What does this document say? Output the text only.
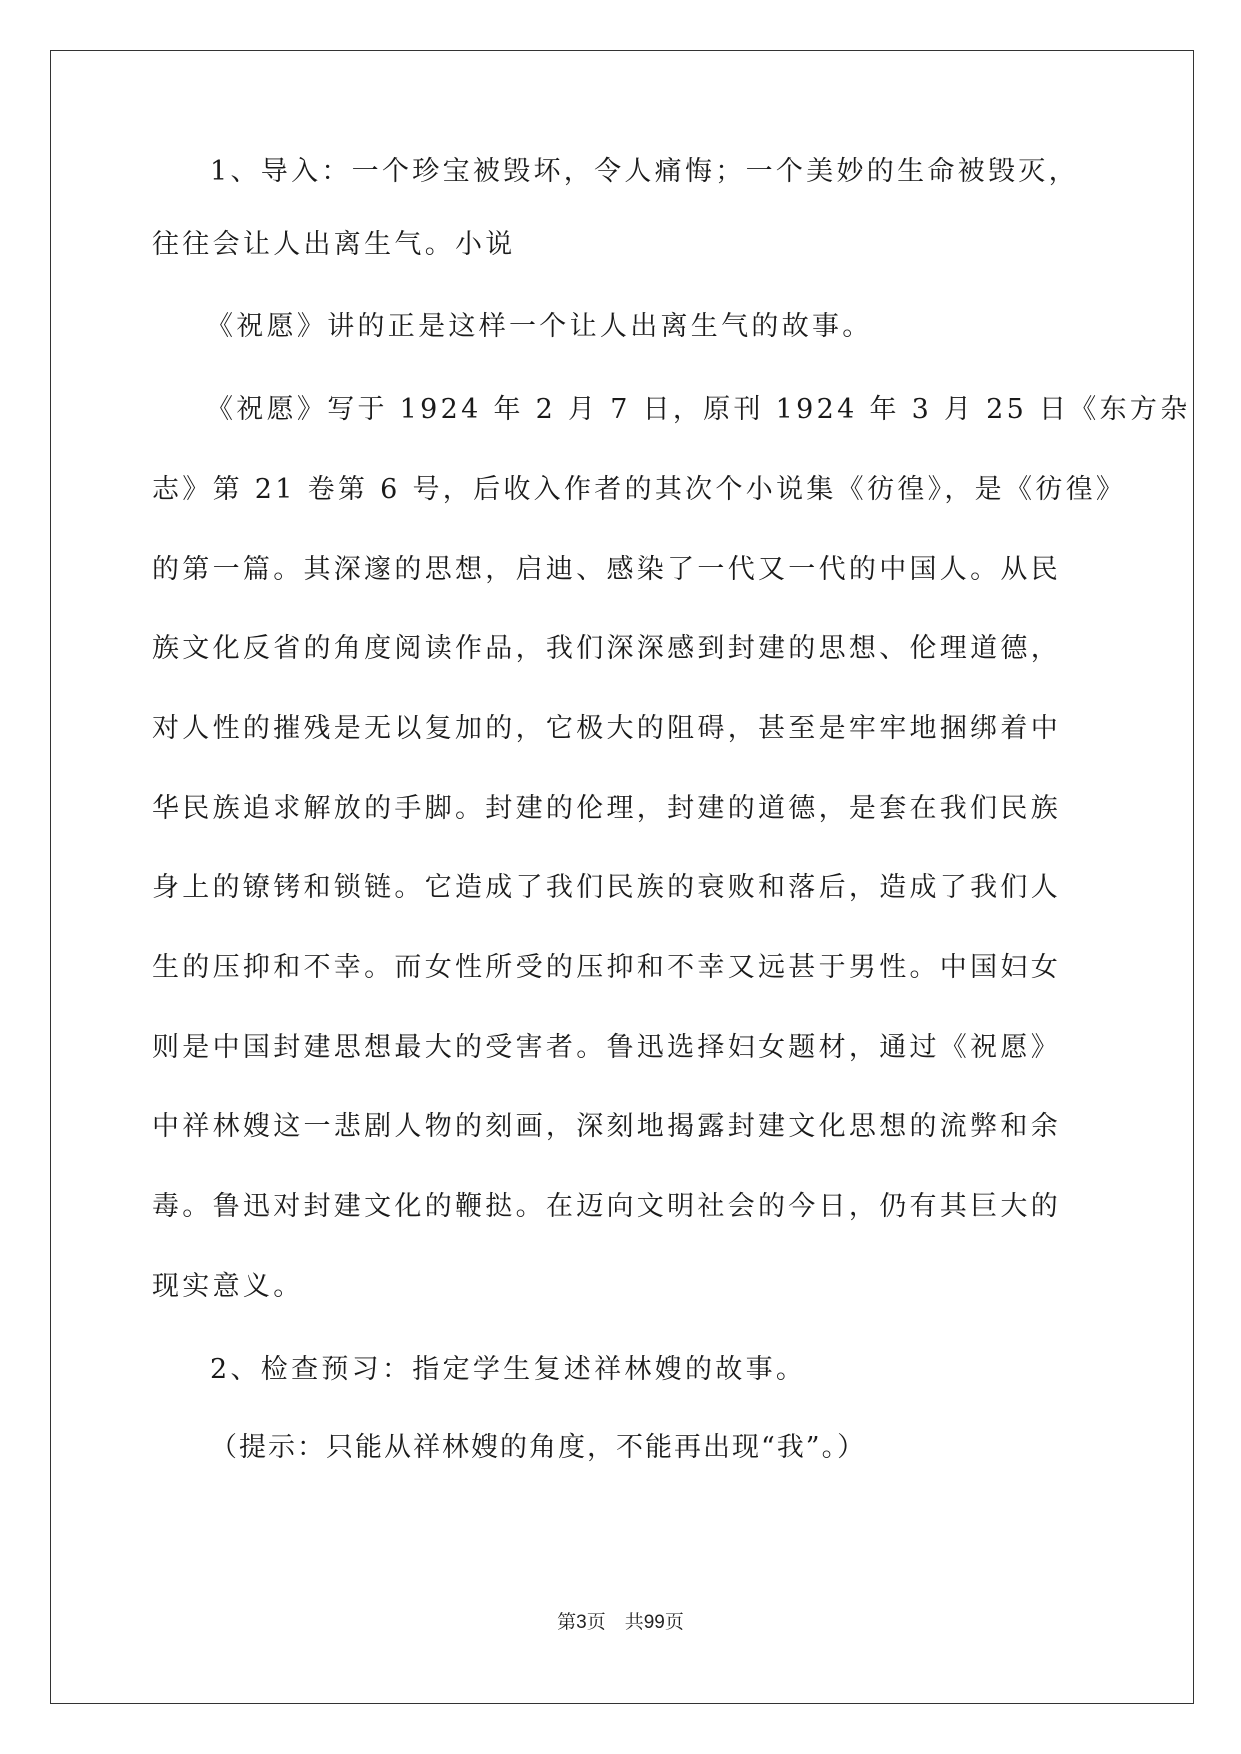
1、导入：一个珍宝被毁坏，令人痛悔；一个美妙的生命被毁灭，
往往会让人出离生气。小说
《祝愿》讲的正是这样一个让人出离生气的故事。
《祝愿》写于 1924 年 2 月 7 日，原刊 1924 年 3 月 25 日《东方杂
志》第 21 卷第 6 号，后收入作者的其次个小说集《彷徨》，是《彷徨》
的第一篇。其深邃的思想，启迪、感染了一代又一代的中国人。从民
族文化反省的角度阅读作品，我们深深感到封建的思想、伦理道德，
对人性的摧残是无以复加的，它极大的阻碍，甚至是牢牢地捆绑着中
华民族追求解放的手脚。封建的伦理，封建的道德，是套在我们民族
身上的镣铐和锁链。它造成了我们民族的衰败和落后，造成了我们人
生的压抑和不幸。而女性所受的压抑和不幸又远甚于男性。中国妇女
则是中国封建思想最大的受害者。鲁迅选择妇女题材，通过《祝愿》
中祥林嫂这一悲剧人物的刻画，深刻地揭露封建文化思想的流弊和余
毒。鲁迅对封建文化的鞭挞。在迈向文明社会的今日，仍有其巨大的
现实意义。
2、检查预习：指定学生复述祥林嫂的故事。
（提示：只能从祥林嫂的角度，不能再出现“我”。）
第3页  共99页
